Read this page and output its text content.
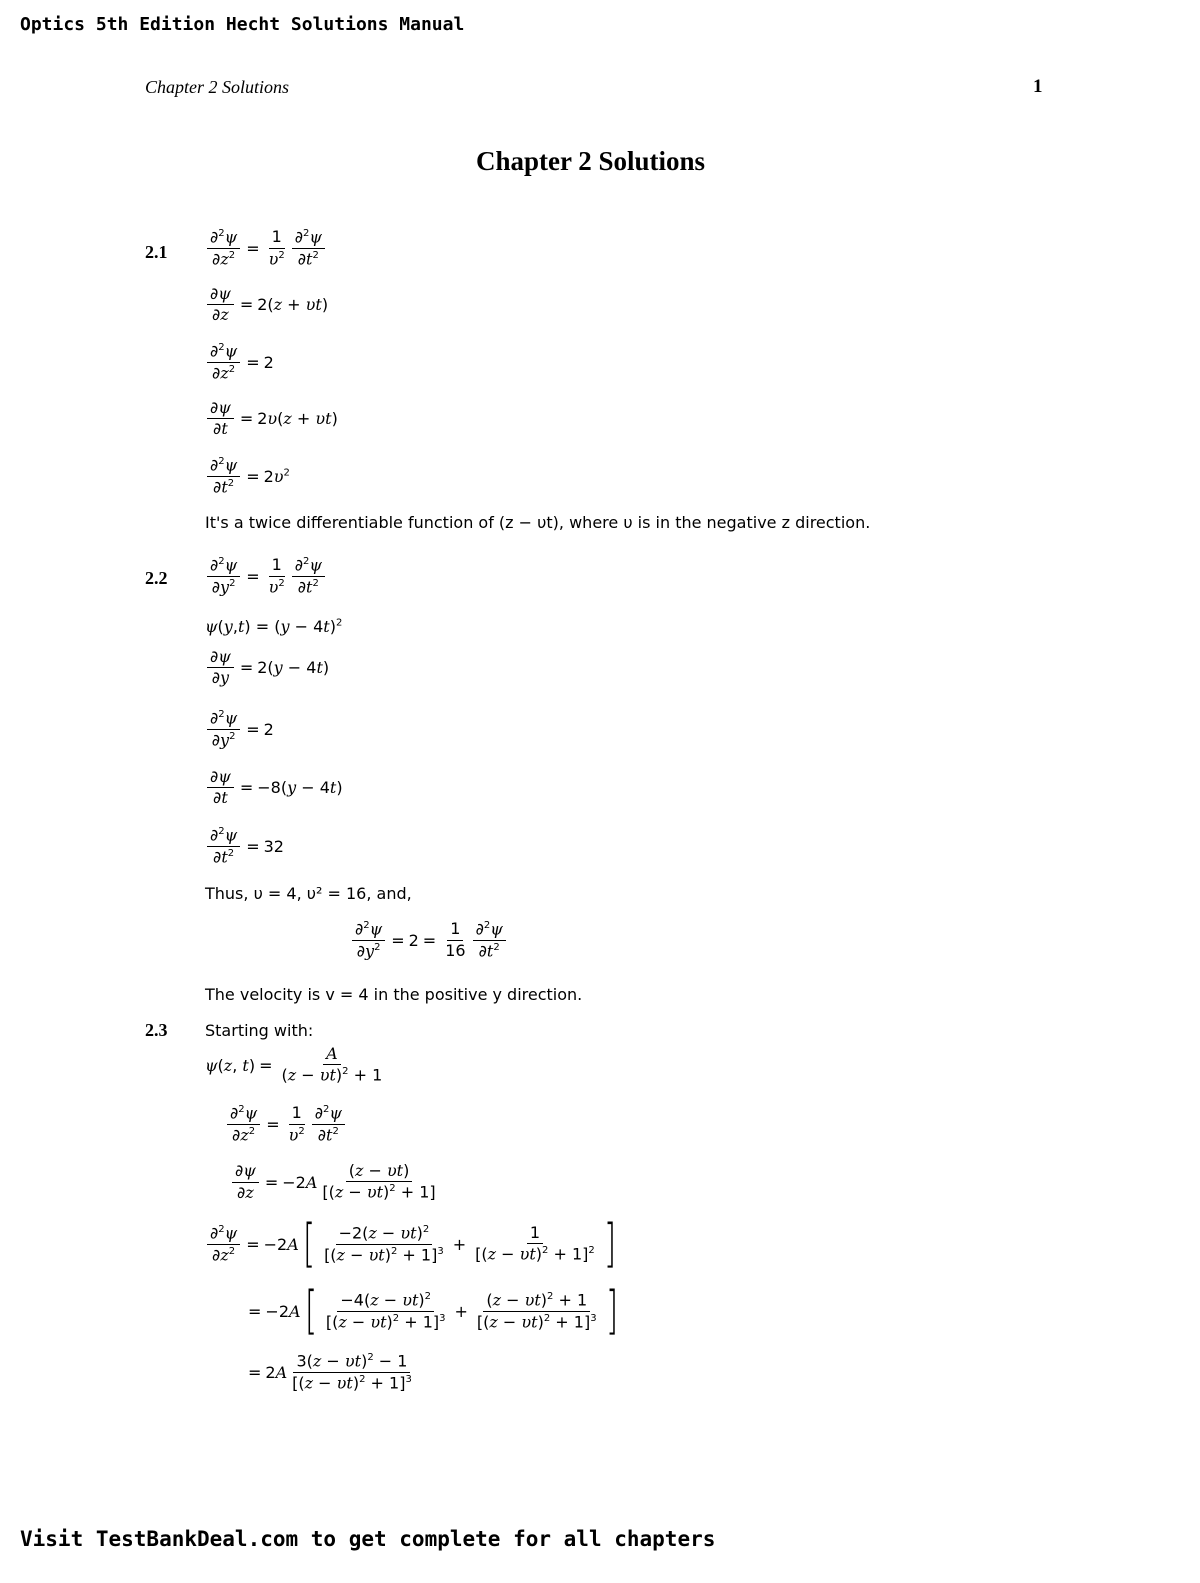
Optics 5th Edition Hecht Solutions Manual
Chapter 2 Solutions	1
Chapter 2 Solutions
$2.1 \frac{\partial^2\psi}{\partial z^2} = \frac{1}{\upsilon^2} \frac{\partial^2\psi}{\partial t^2}$
$\frac{\partial\psi}{\partial z} = 2(z + \upsilon t)$
$\frac{\partial^2\psi}{\partial z^2} = 2$
$\frac{\partial\psi}{\partial t} = 2\upsilon(z + \upsilon t)$
$\frac{\partial^2\psi}{\partial t^2} = 2\upsilon^2$
It's a twice differentiable function of (z − υt), where υ is in the negative z direction.
$2.2 \frac{\partial^2\psi}{\partial y^2} = \frac{1}{\upsilon^2} \frac{\partial^2\psi}{\partial t^2}$
$\psi(y,t) = (y - 4t)^2$
$\frac{\partial\psi}{\partial y} = 2(y - 4t)$
$\frac{\partial^2\psi}{\partial y^2} = 2$
$\frac{\partial\psi}{\partial t} = -8(y - 4t)$
$\frac{\partial^2\psi}{\partial t^2} = 32$
Thus, υ = 4, υ² = 16, and,
$\frac{\partial^2\psi}{\partial y^2} = 2 = \frac{1}{16} \frac{\partial^2\psi}{\partial t^2}$
The velocity is v = 4 in the positive y direction.
2.3 Starting with:
ψ(z, $t) = \frac{A}{(z - \upsilon t)^2 + 1}$
$\frac{\partial^2\psi}{\partial z^2} = \frac{1}{\upsilon^2} \frac{\partial^2\psi}{\partial t^2}$
$\frac{\partial\psi}{\partial z} = -2A \frac{(z - \upsilon t)}{[(z - \upsilon t)^2 + 1]}$
$\frac{\partial^2\psi}{\partial z^2} = -2A$ [ $\frac{-2(z - \upsilon t)^2}{[(z - \upsilon t)^2 + 1]^3} + \frac{1}{[(z - \upsilon t)^2 + 1]^2}$ ]
= −2A [ $\frac{-4(z - \upsilon t)^2}{[(z - \upsilon t)^2 + 1]^3} + \frac{(z - \upsilon t)^2 + 1}{[(z - \upsilon t)^2 + 1]^3}$ ]
= $2A \frac{3(z - \upsilon t)^2 - 1}{[(z - \upsilon t)^2 + 1]^3}$
Visit TestBankDeal.com to get complete for all chapters
